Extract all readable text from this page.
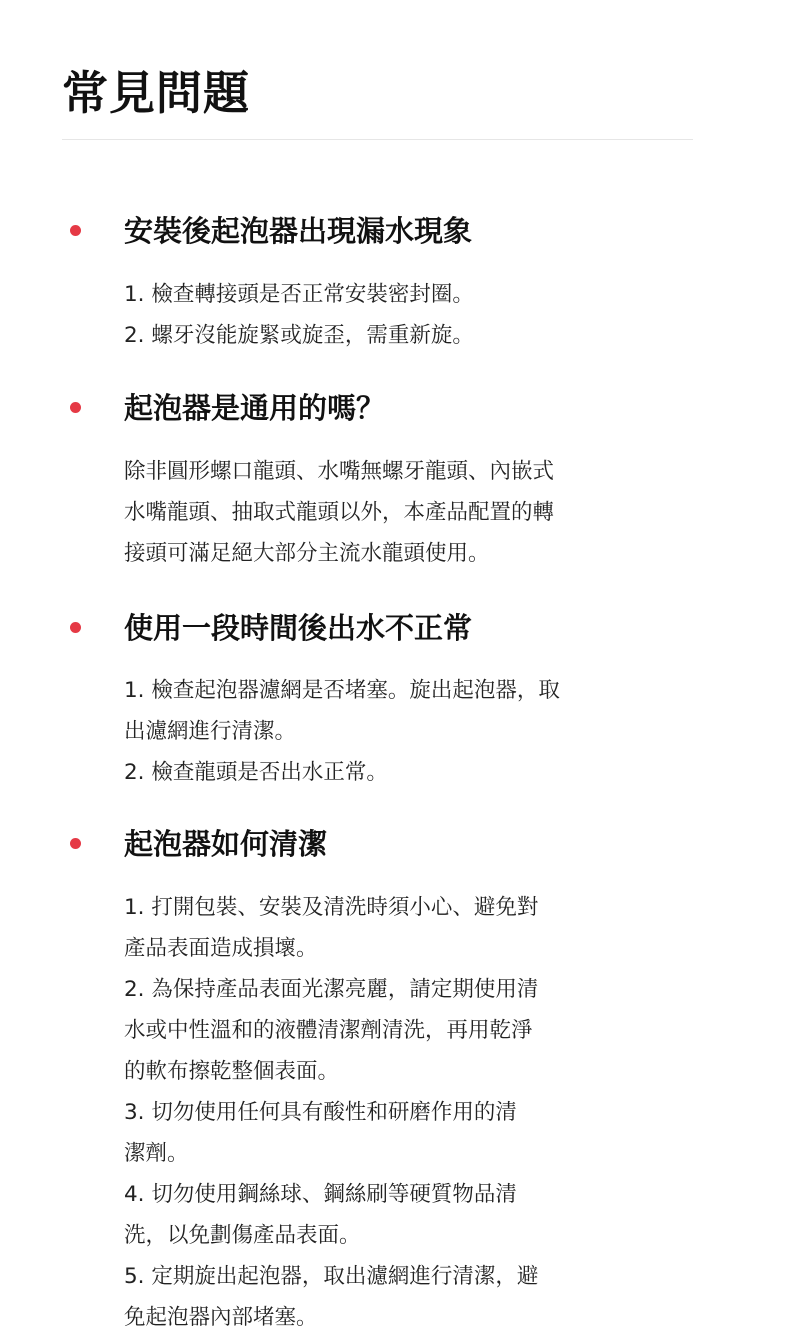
常見問題
安裝後起泡器出現漏水現象
1. 檢查轉接頭是否正常安裝密封圈。
2. 螺牙沒能旋緊或旋歪，需重新旋。
起泡器是通用的嗎？
除非圓形螺口龍頭、水嘴無螺牙龍頭、內嵌式
水嘴龍頭、抽取式龍頭以外，本產品配置的轉
接頭可滿足絕大部分主流水龍頭使用。
使用一段時間後出水不正常
1. 檢查起泡器濾網是否堵塞。旋出起泡器，取
出濾網進行清潔。
2. 檢查龍頭是否出水正常。
起泡器如何清潔
1. 打開包裝、安裝及清洗時須小心、避免對
產品表面造成損壞。
2. 為保持產品表面光潔亮麗，請定期使用清
水或中性溫和的液體清潔劑清洗，再用乾淨
的軟布擦乾整個表面。
3. 切勿使用任何具有酸性和研磨作用的清
潔劑。
4. 切勿使用鋼絲球、鋼絲刷等硬質物品清
洗，以免劃傷產品表面。
5. 定期旋出起泡器，取出濾網進行清潔，避
免起泡器內部堵塞。
